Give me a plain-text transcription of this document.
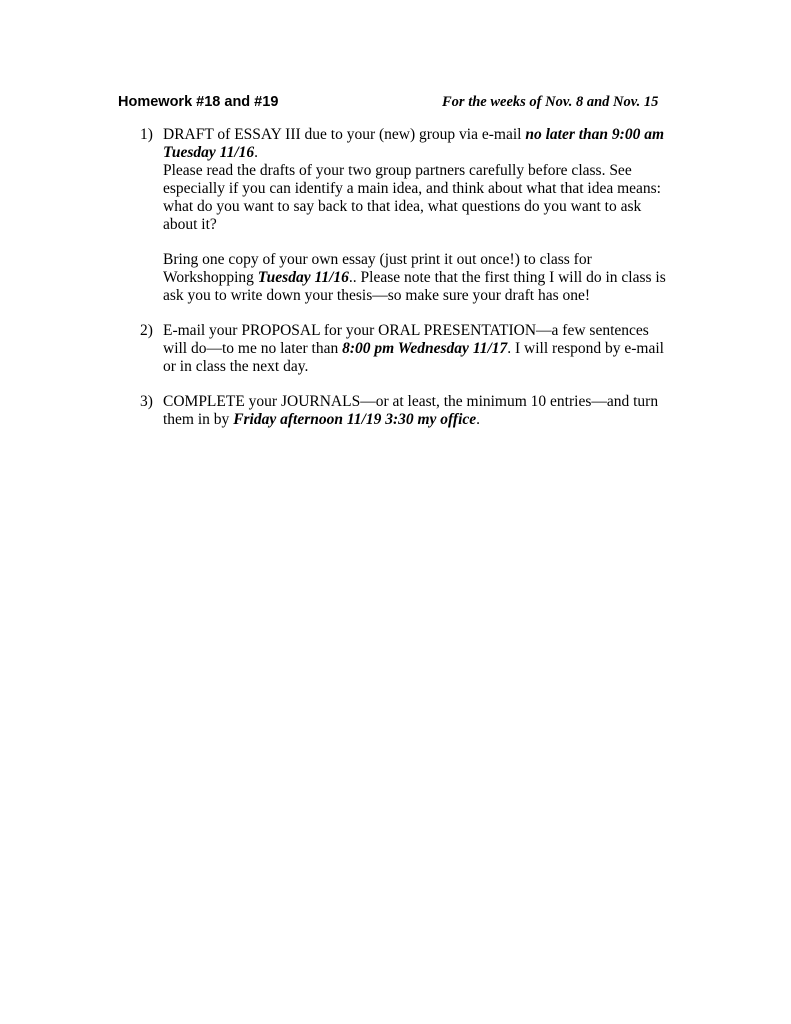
Homework #18 and #19	For the weeks of Nov. 8 and Nov. 15
1) DRAFT of ESSAY III due to your (new) group via e-mail no later than 9:00 am
Tuesday 11/16.
Please read the drafts of your two group partners carefully before class. See
especially if you can identify a main idea, and think about what that idea means:
what do you want to say back to that idea, what questions do you want to ask
about it?
Bring one copy of your own essay (just print it out once!) to class for
Workshopping Tuesday 11/16.. Please note that the first thing I will do in class is
ask you to write down your thesis—so make sure your draft has one!
2) E-mail your PROPOSAL for your ORAL PRESENTATION—a few sentences
will do—to me no later than 8:00 pm Wednesday 11/17. I will respond by e-mail
or in class the next day.
3) COMPLETE your JOURNALS—or at least, the minimum 10 entries—and turn
them in by Friday afternoon 11/19 3:30 my office.
